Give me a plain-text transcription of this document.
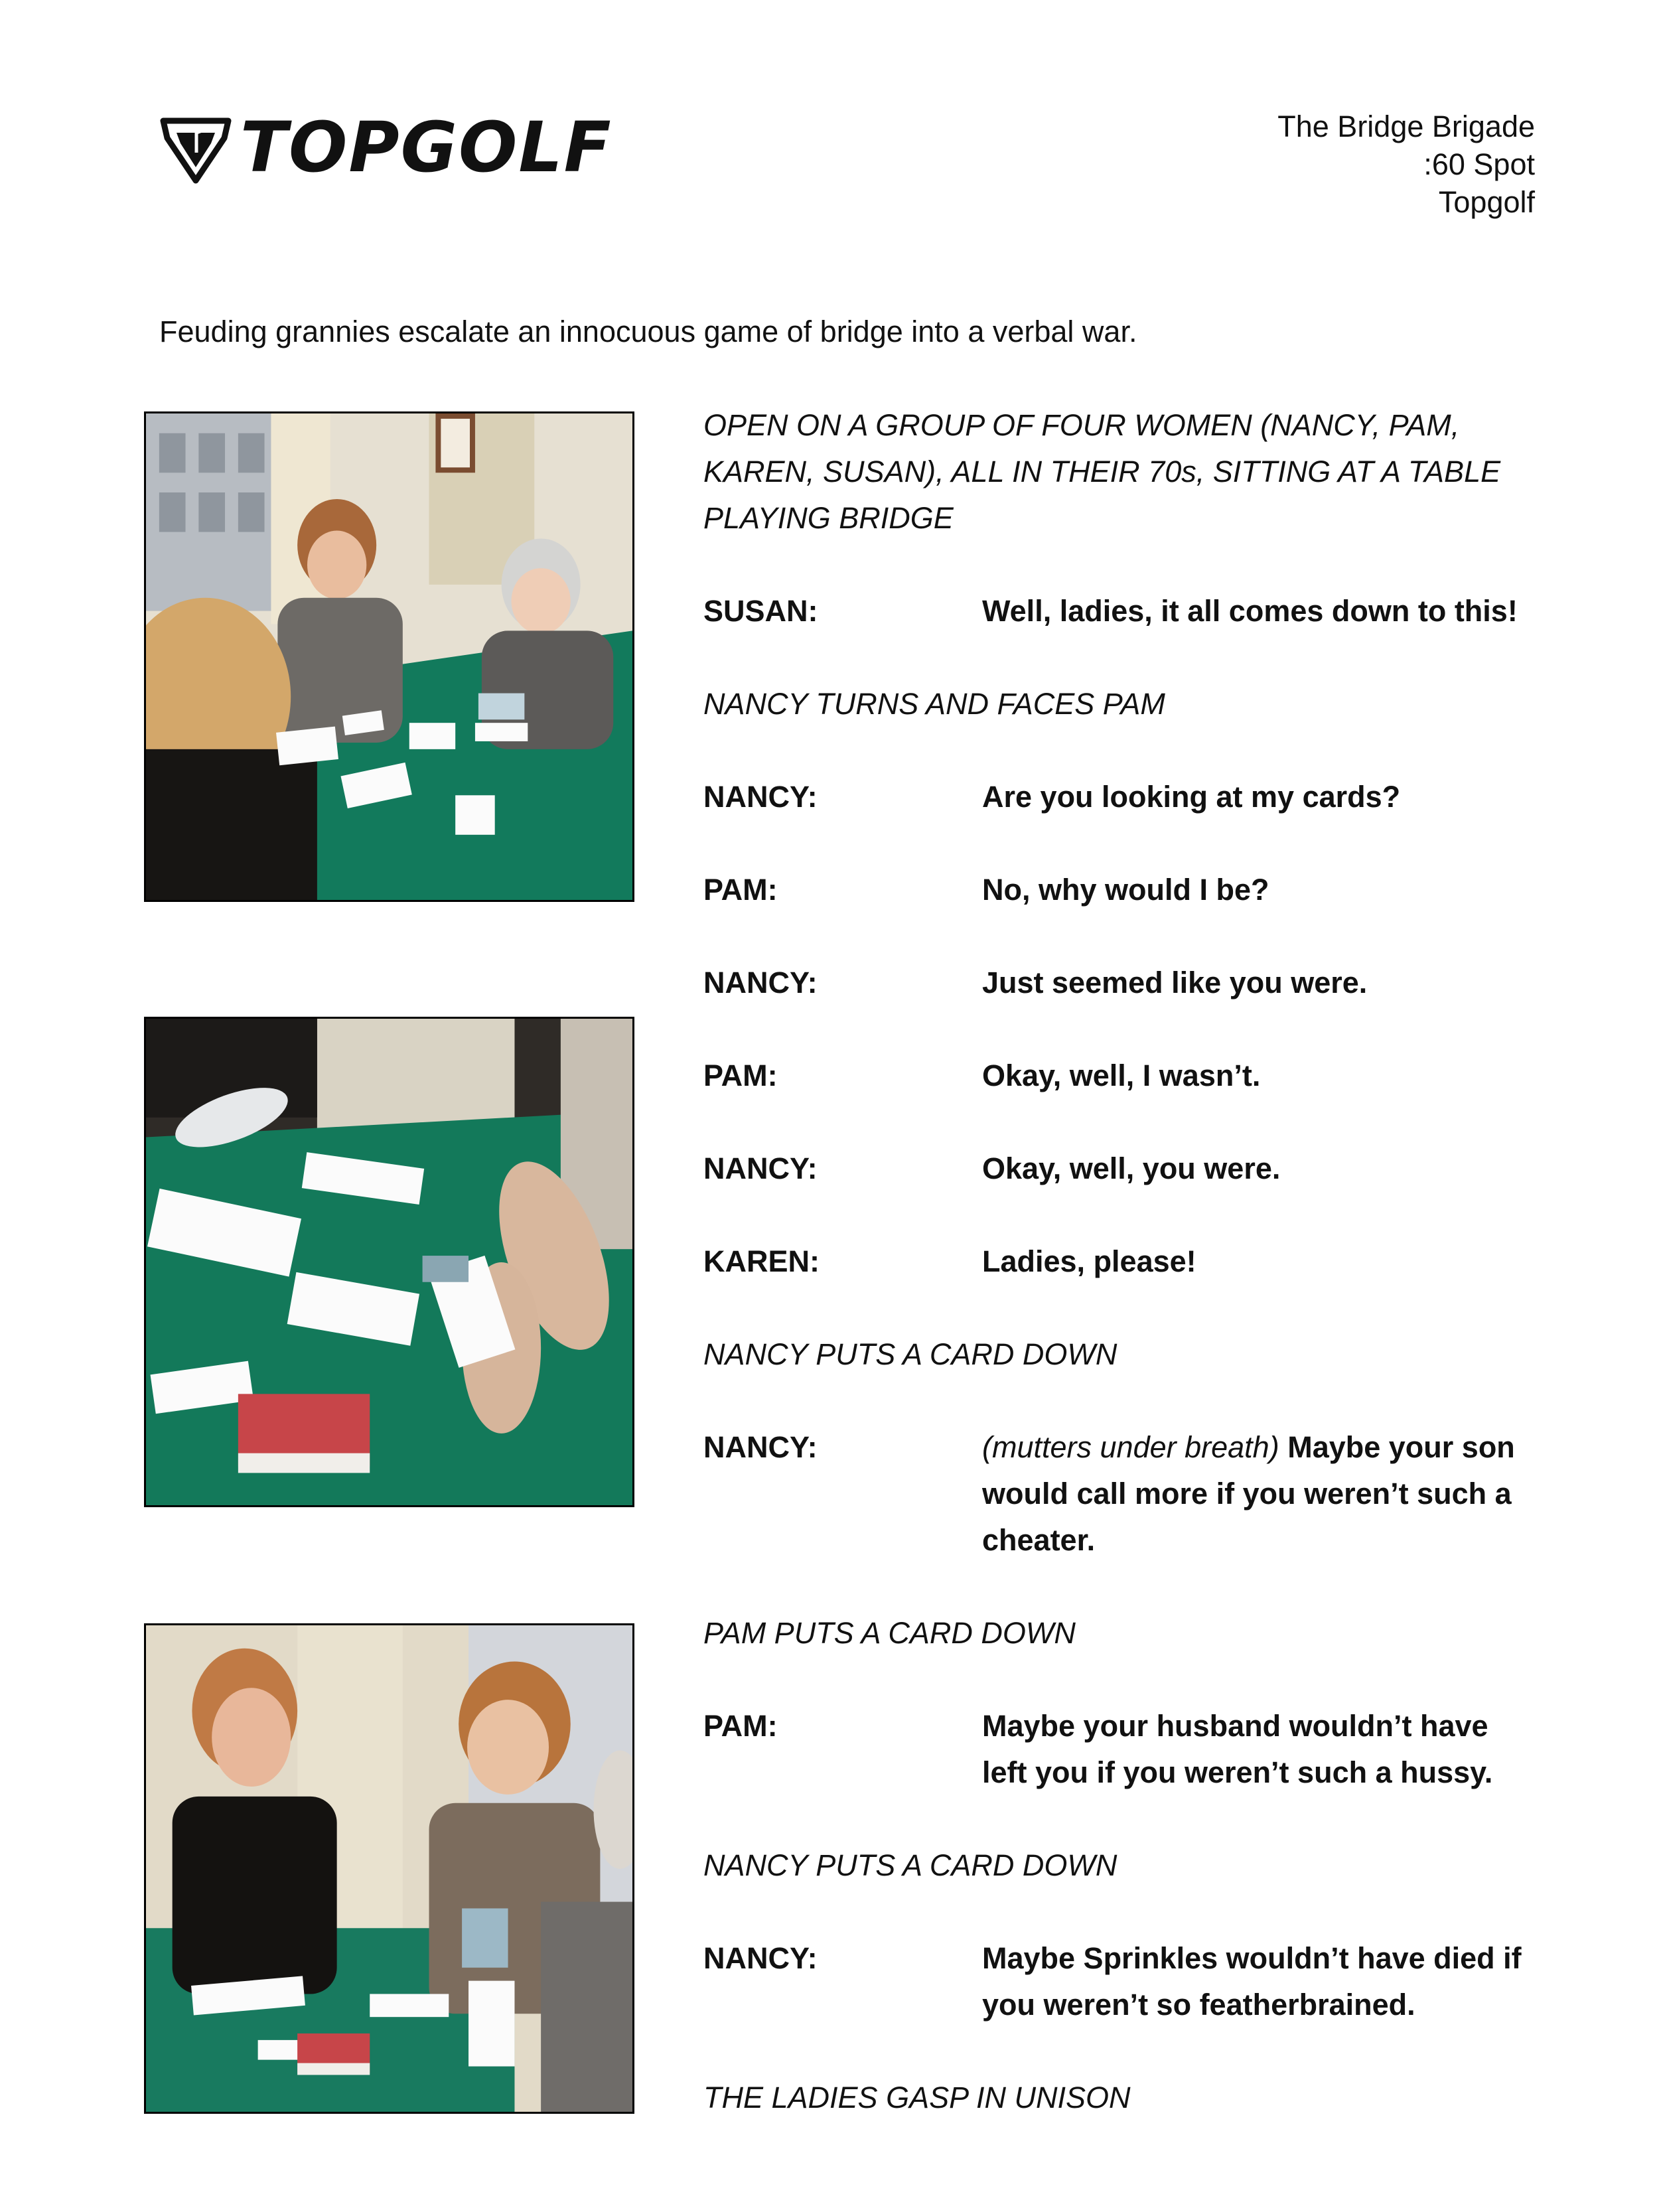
TOPGOLF	The Bridge Brigade
:60 Spot
Topgolf
Feuding grannies escalate an innocuous game of bridge into a verbal war.
OPEN ON A GROUP OF FOUR WOMEN (NANCY, PAM, KAREN, SUSAN), ALL IN THEIR 70s, SITTING AT A TABLE PLAYING BRIDGE
SUSAN:	Well, ladies, it all comes down to this!
NANCY TURNS AND FACES PAM
NANCY:	Are you looking at my cards?
PAM:	No, why would I be?
NANCY:	Just seemed like you were.
PAM:	Okay, well, I wasn’t.
NANCY:	Okay, well, you were.
KAREN:	Ladies, please!
NANCY PUTS A CARD DOWN
NANCY:	(mutters under breath) Maybe your son would call more if you weren’t such a cheater.
PAM PUTS A CARD DOWN
PAM:	Maybe your husband wouldn’t have left you if you weren’t such a hussy.
NANCY PUTS A CARD DOWN
NANCY:	Maybe Sprinkles wouldn’t have died if you weren’t so featherbrained.
THE LADIES GASP IN UNISON
